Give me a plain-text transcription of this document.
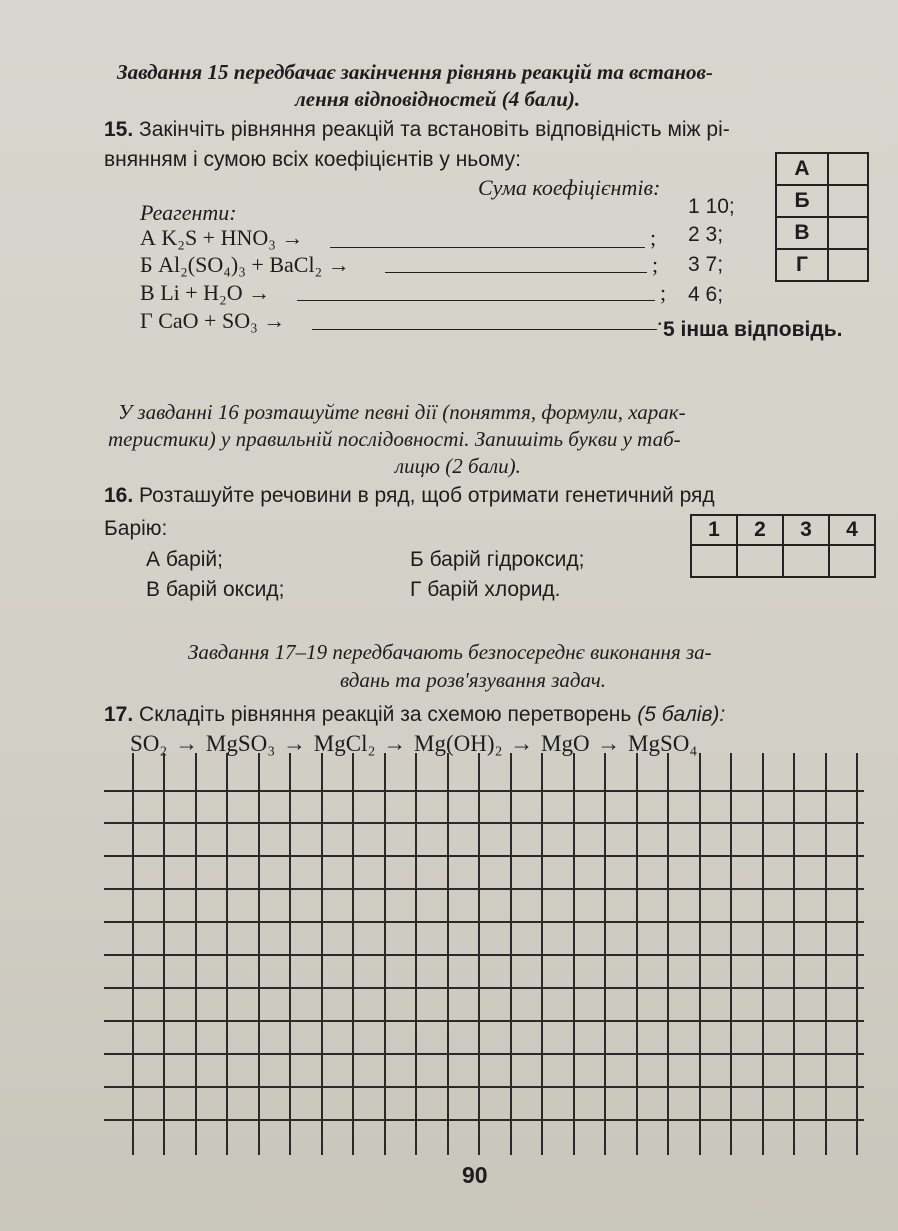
Завдання 15 передбачає закінчення рівнянь реакцій та встанов-
лення відповідностей (4 бали).
15. Закінчіть рівняння реакцій та встановіть відповідність між рі-
внянням і сумою всіх коефіцієнтів у ньому:
Сума коефіцієнтів:
Реагенти:
А K₂S + HNO₃ →	;
Б Al₂(SO₄)₃ + BaCl₂ →	;
В Li + H₂O →	;
Г CaO + SO₃ →	.
1 10;
2 3;
3 7;
4 6;
5 інша відповідь.
А	
Б	
В	
Г	
У завданні 16 розташуйте певні дії (поняття, формули, харак-
теристики) у правильній послідовності. Запишіть букви у таб-
лицю (2 бали).
16. Розташуйте речовини в ряд, щоб отримати генетичний ряд
Барію:
А барій;	Б барій гідроксид;
В барій оксид;	Г барій хлорид.
1	2	3	4

Завдання 17–19 передбачають безпосереднє виконання за-
вдань та розв'язування задач.
17. Складіть рівняння реакцій за схемою перетворень (5 балів):
SO₂ → MgSO₃ → MgCl₂ → Mg(OH)₂ → MgO → MgSO₄
90
